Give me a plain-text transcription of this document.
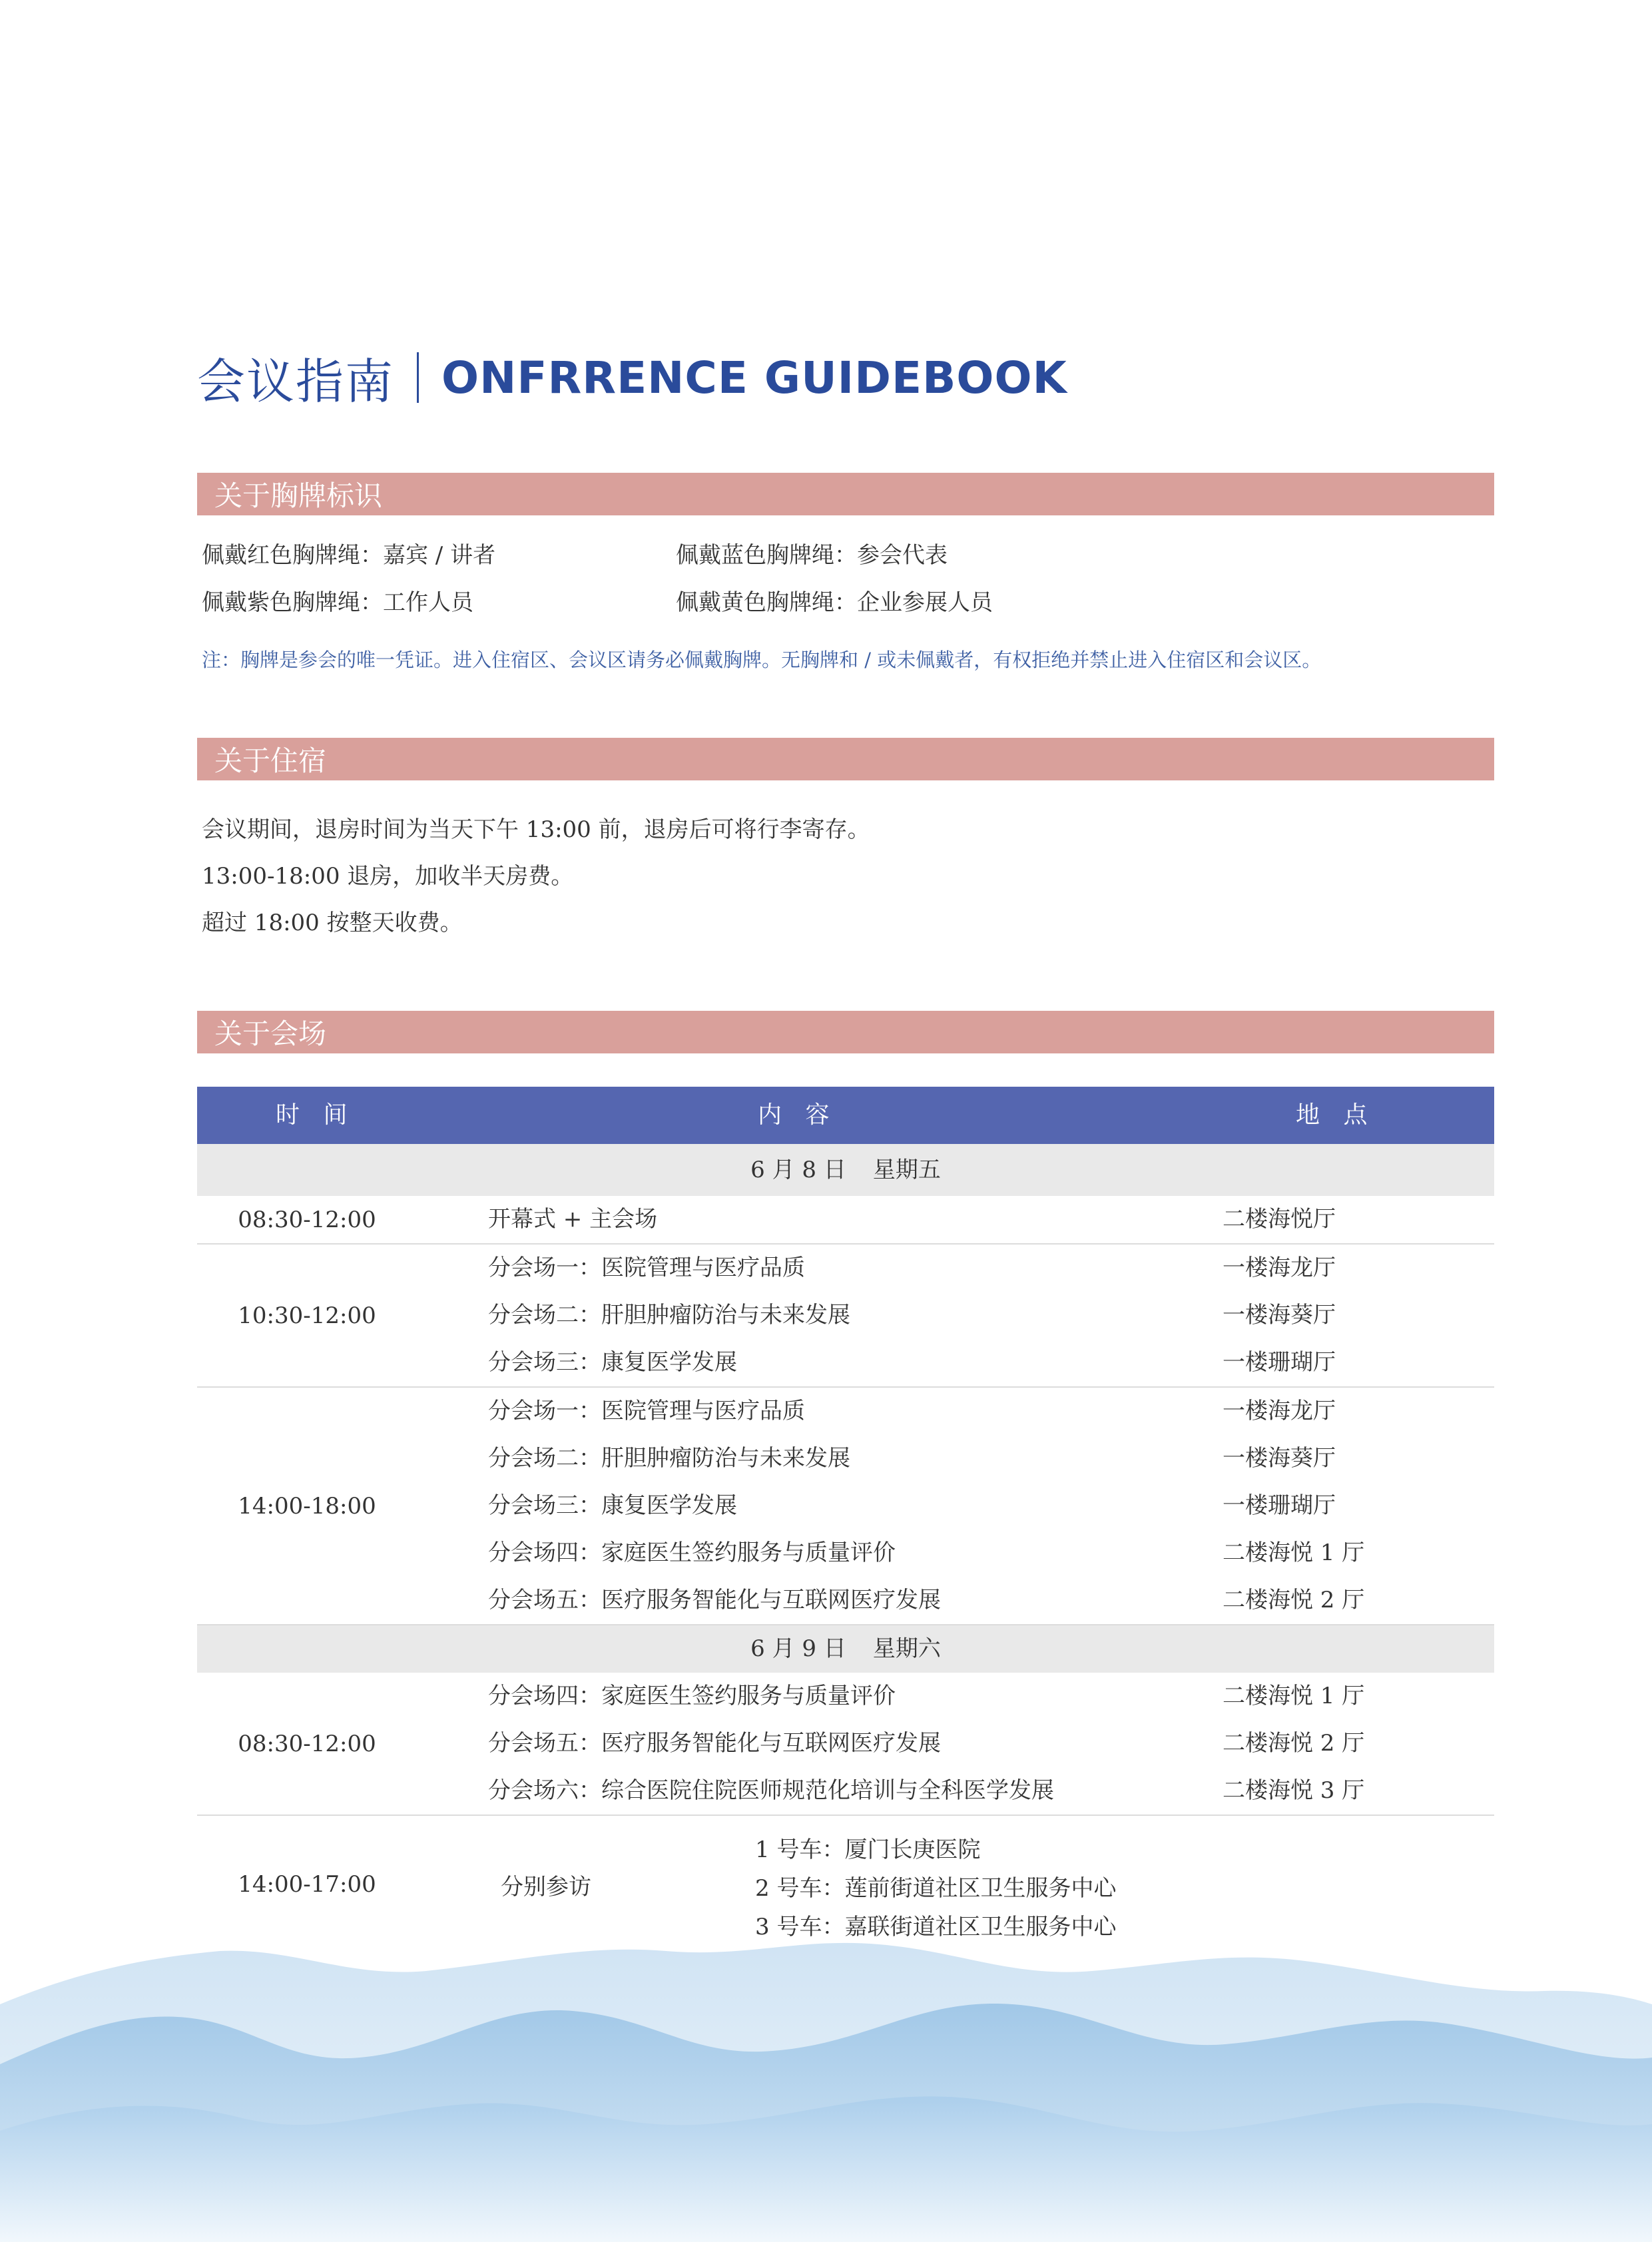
会议指南 ONFRRENCE GUIDEBOOK
关于胸牌标识
佩戴红色胸牌绳：嘉宾 / 讲者	佩戴蓝色胸牌绳：参会代表
佩戴紫色胸牌绳：工作人员	佩戴黄色胸牌绳：企业参展人员
注：胸牌是参会的唯一凭证。进入住宿区、会议区请务必佩戴胸牌。无胸牌和 / 或未佩戴者，有权拒绝并禁止进入住宿区和会议区。
关于住宿
会议期间，退房时间为当天下午 13:00 前，退房后可将行李寄存。
13:00-18:00 退房，加收半天房费。
超过 18:00 按整天收费。
关于会场
时 间	内 容	地 点
6 月 8 日 星期五
08:30-12:00	开幕式 + 主会场	二楼海悦厅
10:30-12:00
分会场一：医院管理与医疗品质	一楼海龙厅
分会场二：肝胆肿瘤防治与未来发展	一楼海葵厅
分会场三：康复医学发展	一楼珊瑚厅
14:00-18:00
分会场一：医院管理与医疗品质	一楼海龙厅
分会场二：肝胆肿瘤防治与未来发展	一楼海葵厅
分会场三：康复医学发展	一楼珊瑚厅
分会场四：家庭医生签约服务与质量评价	二楼海悦 1 厅
分会场五：医疗服务智能化与互联网医疗发展	二楼海悦 2 厅
6 月 9 日 星期六
08:30-12:00
分会场四：家庭医生签约服务与质量评价	二楼海悦 1 厅
分会场五：医疗服务智能化与互联网医疗发展	二楼海悦 2 厅
分会场六：综合医院住院医师规范化培训与全科医学发展	二楼海悦 3 厅
14:00-17:00	分别参访
1 号车：厦门长庚医院
2 号车：莲前街道社区卫生服务中心
3 号车：嘉联街道社区卫生服务中心
